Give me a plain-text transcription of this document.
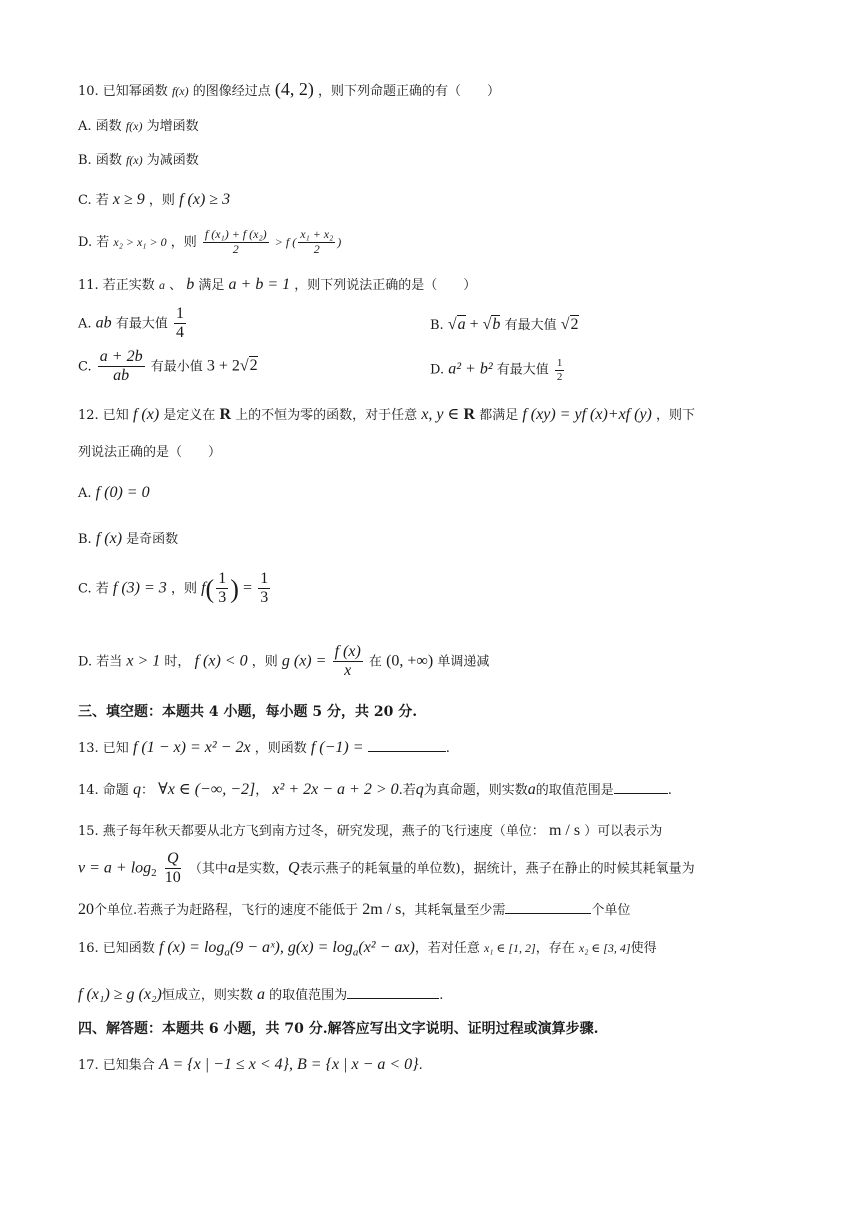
10. 已知幂函数 f(x) 的图像经过点 (4, 2) ，则下列命题正确的有（　　）
A. 函数 f(x) 为增函数
B. 函数 f(x) 为减函数
C. 若 x ≥ 9 ，则 f (x) ≥ 3
D. 若 x₂ > x₁ > 0 ，则 $\frac{\text{f (x₁) + f (x₂)}}{2} > f$ ( $\frac{\text{x₁ + x₂}}{2}$ )
11. 若正实数 a 、 b 满足 a + b = 1 ，则下列说法正确的是（　　）
A. ab 有最大值 $\frac{1}{4}$	B. √a + √b 有最大值 √2
C. $\frac{a + 2b}{ab}$ 有最小值 3 + 2√2	D. a² + b² 有最大值 $\frac{1}{2}$
12. 已知 f (x) 是定义在 R 上的不恒为零的函数，对于任意 x, y ∈ R 都满足 f (xy) = yf (x)+xf (y) ，则下
列说法正确的是（　　）
A. f (0) = 0
B. f (x) 是奇函数
C. 若 f (3) = 3 ，则 $f( \frac{1}{3}$ ) = $\frac{1}{3}$
D. 若当 x > 1 时， f (x) < 0 ，则 g $(x) = \frac{f (x)}{x}$ 在 (0, +∞) 单调递减
三、填空题：本题共 4 小题，每小题 5 分，共 20 分.
13. 已知 f (1 − x) = x² − 2x ，则函数 f (−1) =	.
14. 命题 q： ∀x ∈ (−∞, −2]， x² + 2x − a + 2 > 0.若q为真命题，则实数a的取值范围是	.
15. 燕子每年秋天都要从北方飞到南方过冬，研究发现，燕子的飞行速度（单位： m / s ）可以表示为
$v = a + \log_2 \frac{Q}{10}$ （其中a是实数，Q表示燕子的耗氧量的单位数)，据统计，燕子在静止的时候其耗氧量为
20个单位.若燕子为赶路程，飞行的速度不能低于 2m / s，其耗氧量至少需	个单位
16. 已知函数 f $(x) = \log_a(9$ − aˣ), $g(x) = \log_a(x^2 - ax)$，若对任意 x₁ ∈ [1, 2]，存在 x₂ ∈ [3, 4]使得
f (x₁) ≥ g (x₂)恒成立，则实数 a 的取值范围为	.
四、解答题：本题共 6 小题，共 70 分.解答应写出文字说明、证明过程或演算步骤.
17. 已知集合 A = {x | −1 ≤ x < 4}, B = {x | x − a < 0}.
